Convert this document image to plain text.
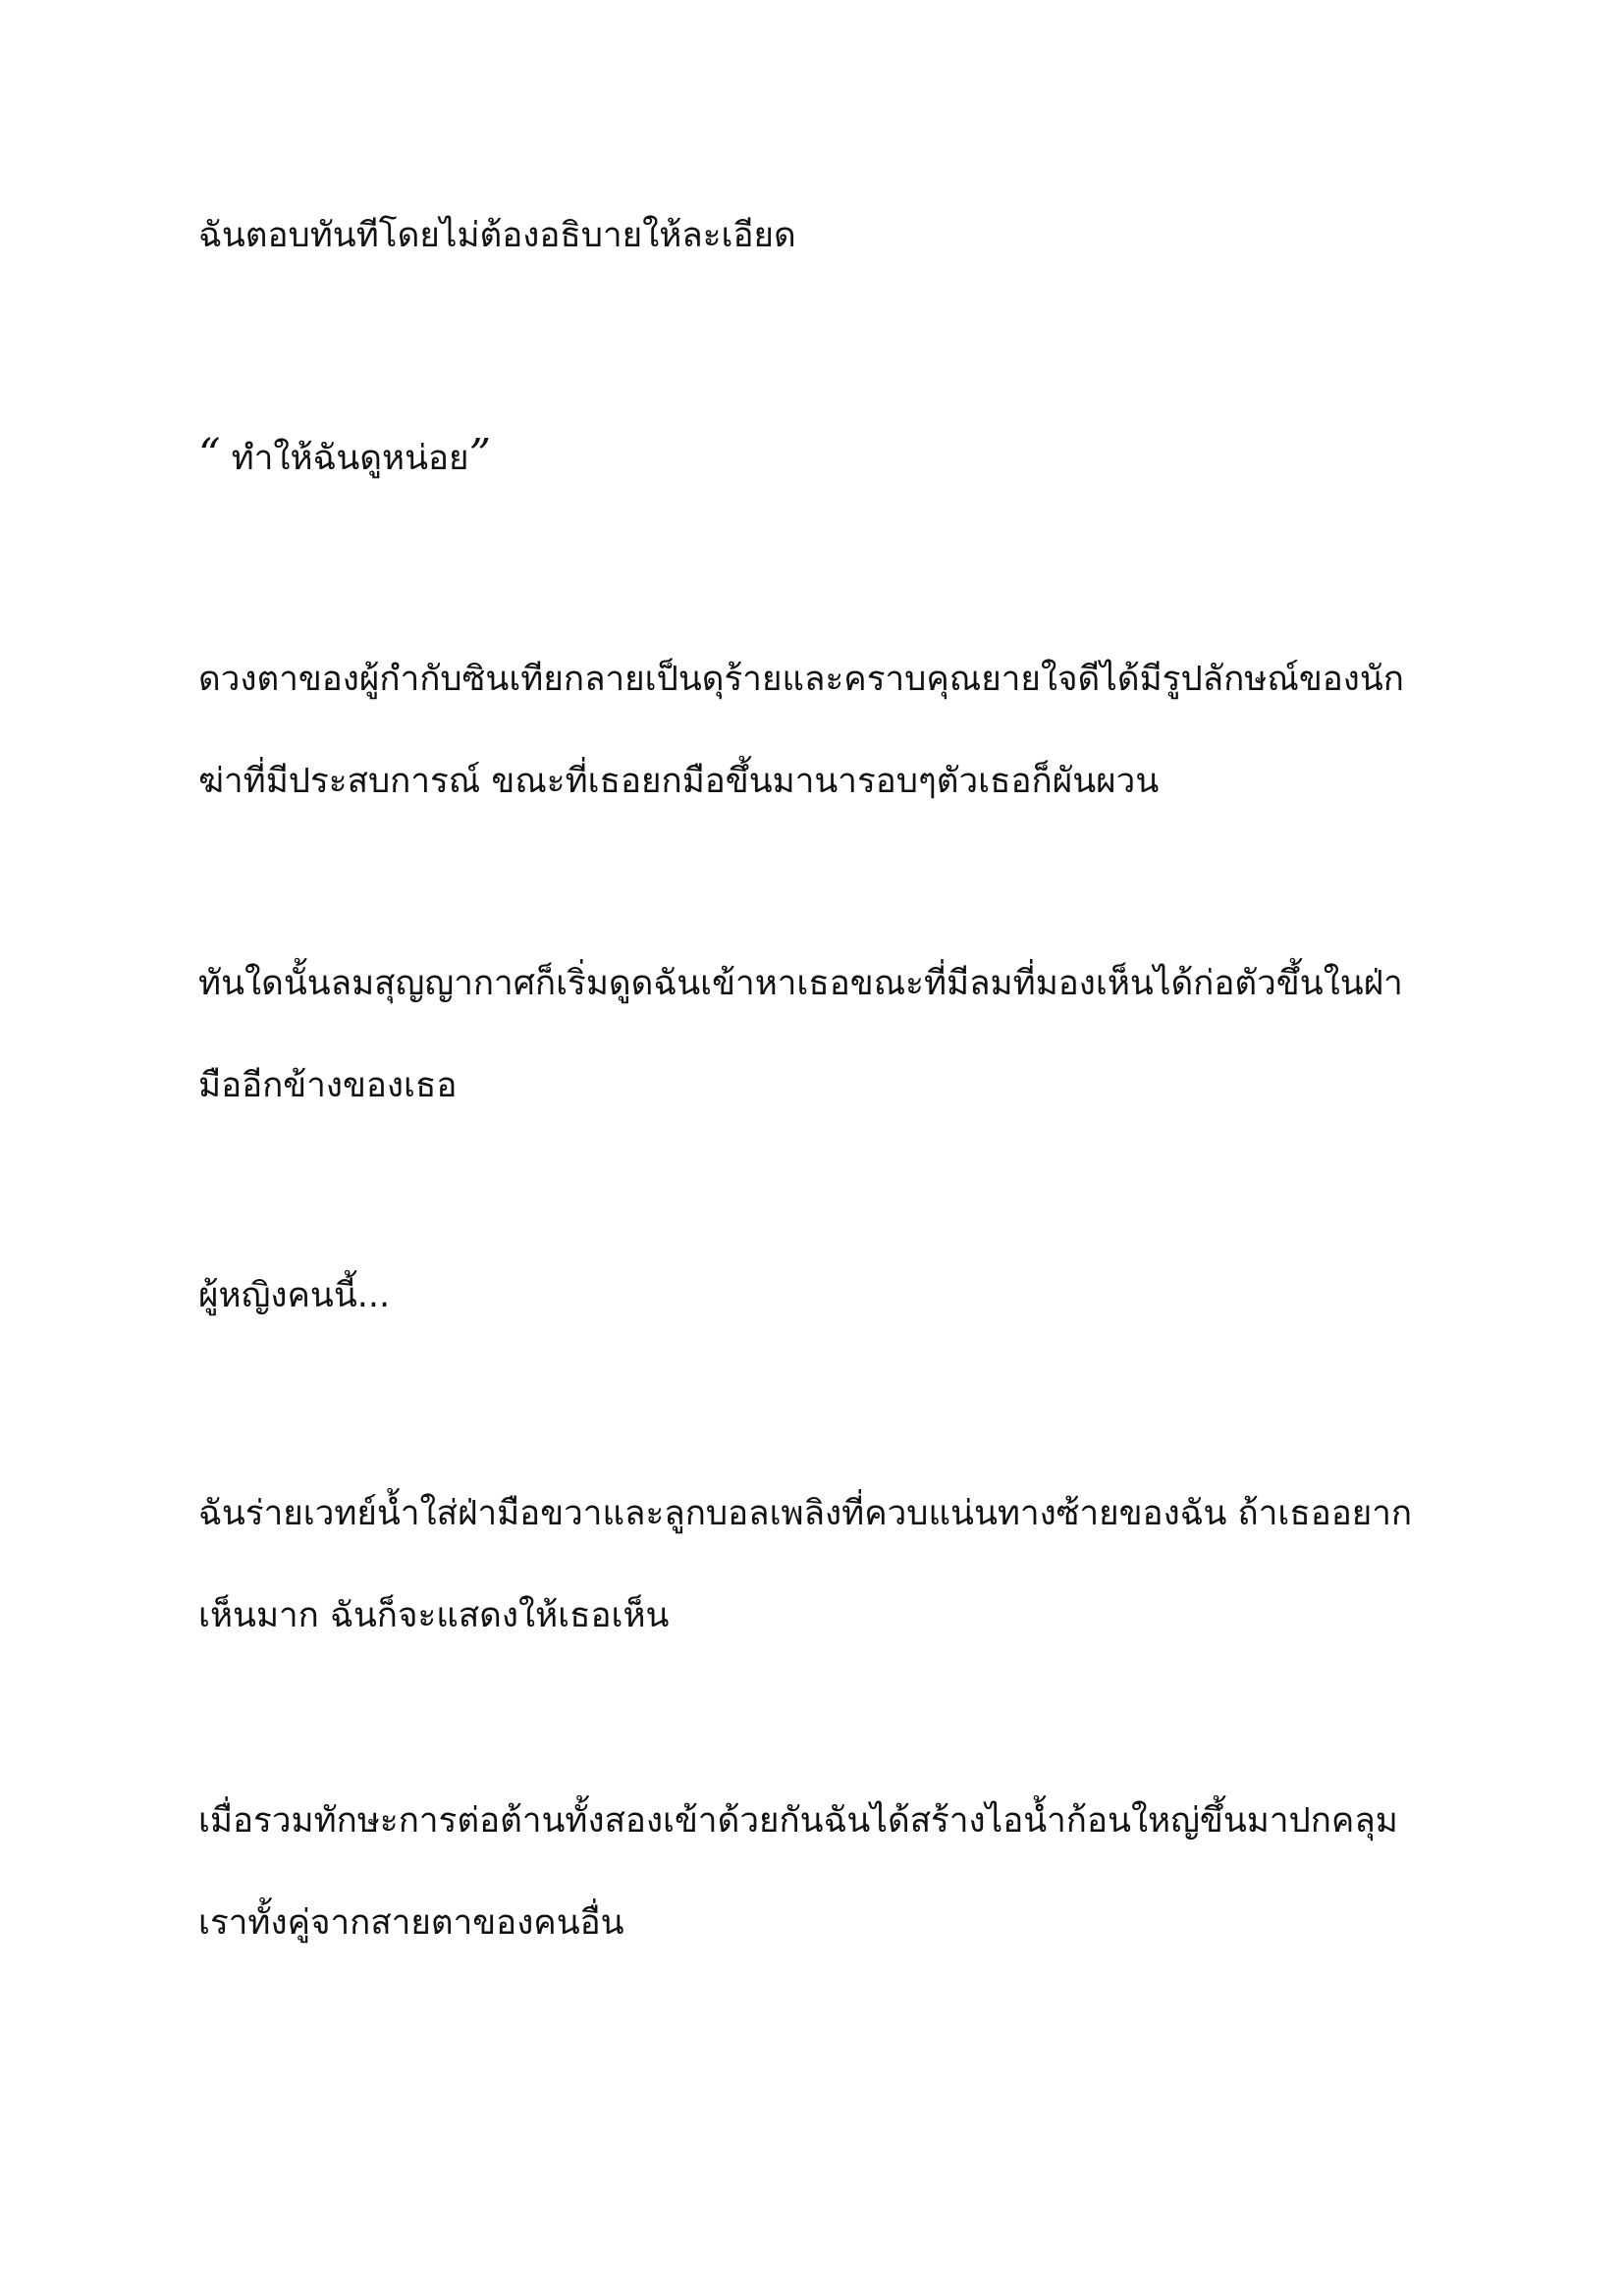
ฉันตอบทันทีโดยไม่ต้องอธิบายให้ละเอียด

“ ทำให้ฉันดูหน่อย”

ดวงตาของผู้กำกับซินเทียกลายเป็นดุร้ายและคราบคุณยายใจดีได้มีรูปลักษณ์ของนัก
ฆ่าที่มีประสบการณ์ ขณะที่เธอยกมือขึ้นมานารอบๆตัวเธอก็ผันผวน

ทันใดนั้นลมสุญญากาศก็เริ่มดูดฉันเข้าหาเธอขณะที่มีลมที่มองเห็นได้ก่อตัวขึ้นในฝ่า
มืออีกข้างของเธอ

ผู้หญิงคนนี้...

ฉันร่ายเวทย์น้ำใส่ฝ่ามือขวาและลูกบอลเพลิงที่ควบแน่นทางซ้ายของฉัน ถ้าเธออยาก
เห็นมาก ฉันก็จะแสดงให้เธอเห็น

เมื่อรวมทักษะการต่อต้านทั้งสองเข้าด้วยกันฉันได้สร้างไอน้ำก้อนใหญ่ขึ้นมาปกคลุม
เราทั้งคู่จากสายตาของคนอื่น
